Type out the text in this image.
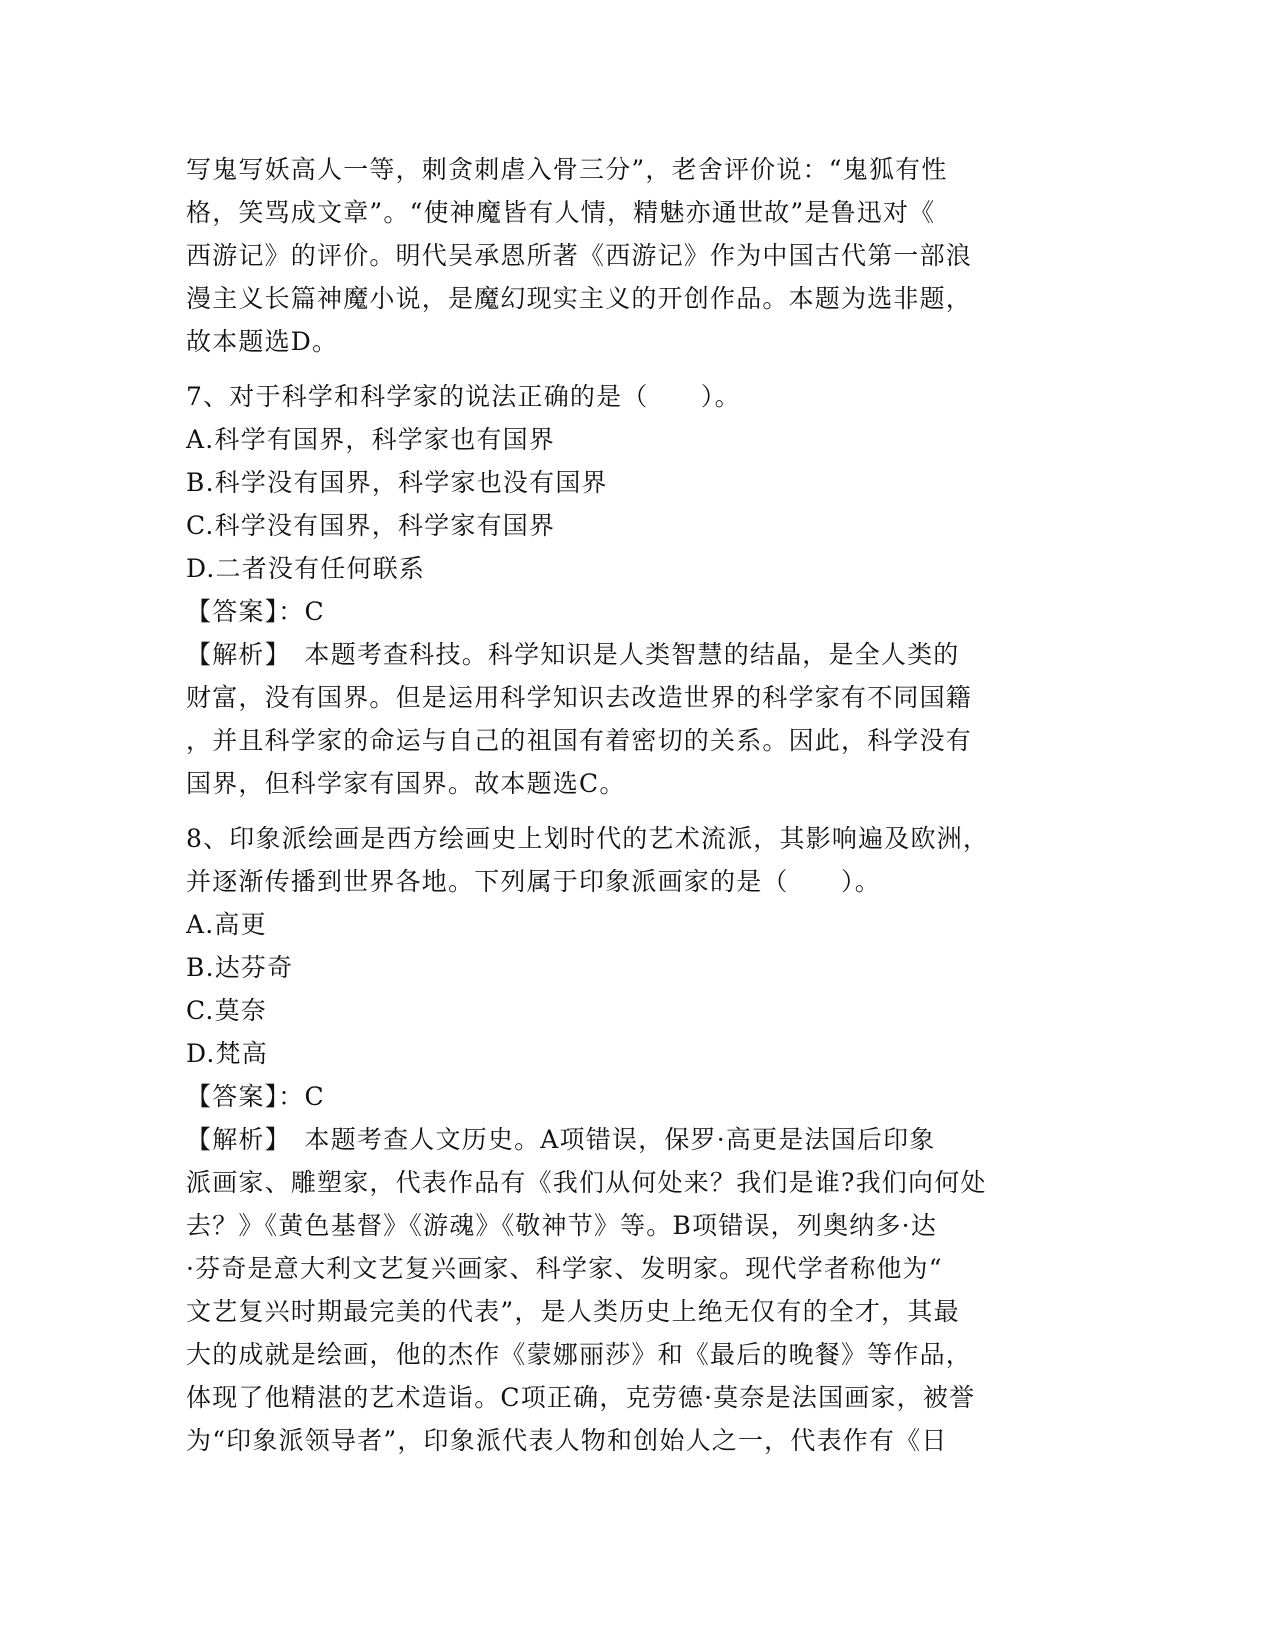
写鬼写妖高人一等，刺贪刺虐入骨三分”，老舍评价说：“鬼狐有性
格，笑骂成文章”。“使神魔皆有人情，精魅亦通世故”是鲁迅对《
西游记》的评价。明代吴承恩所著《西游记》作为中国古代第一部浪
漫主义长篇神魔小说，是魔幻现实主义的开创作品。本题为选非题，
故本题选D。
7、对于科学和科学家的说法正确的是（　　）。
A.科学有国界，科学家也有国界
B.科学没有国界，科学家也没有国界
C.科学没有国界，科学家有国界
D.二者没有任何联系
【答案】：C
【解析】　本题考查科技。科学知识是人类智慧的结晶，是全人类的
财富，没有国界。但是运用科学知识去改造世界的科学家有不同国籍
，并且科学家的命运与自己的祖国有着密切的关系。因此，科学没有
国界，但科学家有国界。故本题选C。
8、印象派绘画是西方绘画史上划时代的艺术流派，其影响遍及欧洲，
并逐渐传播到世界各地。下列属于印象派画家的是（　　）。
A.高更
B.达芬奇
C.莫奈
D.梵高
【答案】：C
【解析】　本题考查人文历史。A项错误，保罗·高更是法国后印象
派画家、雕塑家，代表作品有《我们从何处来？我们是谁?我们向何处
去？》《黄色基督》《游魂》《敬神节》等。B项错误，列奥纳多·达
·芬奇是意大利文艺复兴画家、科学家、发明家。现代学者称他为“
文艺复兴时期最完美的代表”，是人类历史上绝无仅有的全才，其最
大的成就是绘画，他的杰作《蒙娜丽莎》和《最后的晚餐》等作品，
体现了他精湛的艺术造诣。C项正确，克劳德·莫奈是法国画家，被誉
为“印象派领导者”，印象派代表人物和创始人之一，代表作有《日
